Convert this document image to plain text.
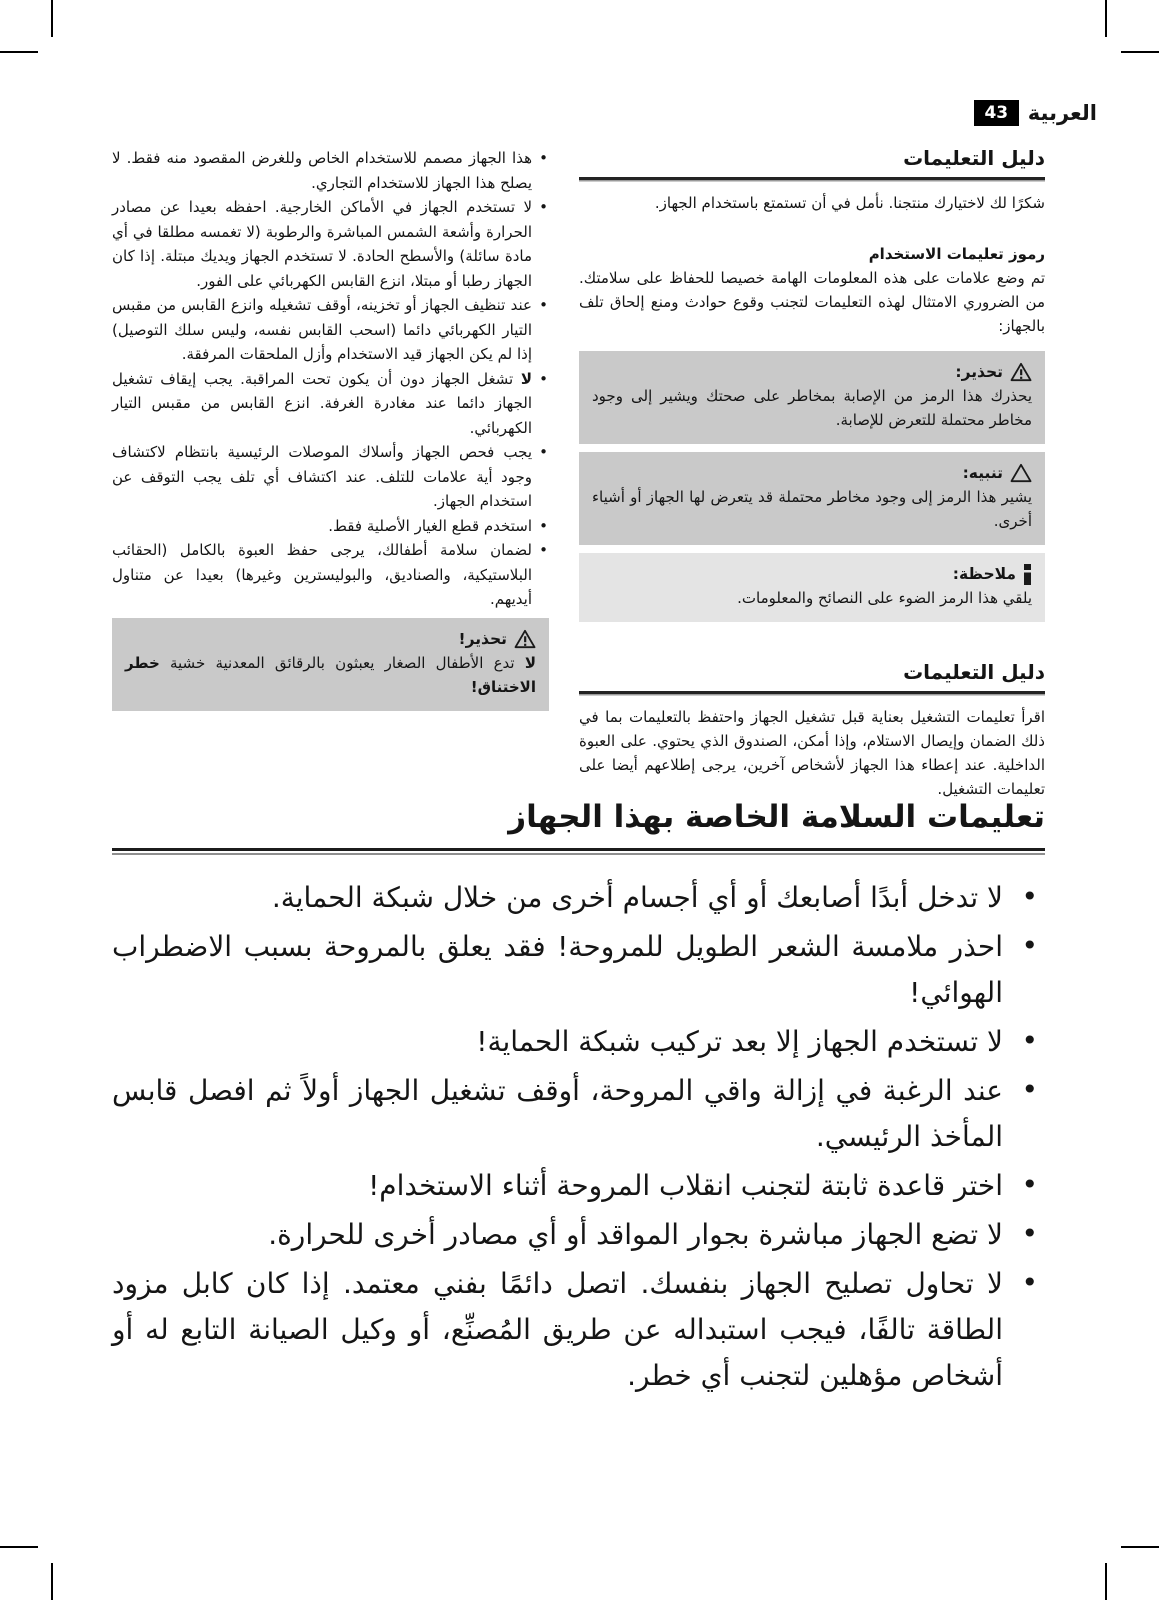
العربية
43
دليل التعليمات

شكرًا لك لاختيارك منتجنا. نأمل في أن تستمتع باستخدام الجهاز.

رموز تعليمات الاستخدام

تم وضع علامات على هذه المعلومات الهامة خصيصا للحفاظ على سلامتك. من الضروري الامتثال لهذه التعليمات لتجنب وقوع حوادث ومنع إلحاق تلف بالجهاز:

تحذير:
يحذرك هذا الرمز من الإصابة بمخاطر على صحتك ويشير إلى وجود مخاطر محتملة للتعرض للإصابة.
تنبيه:
يشير هذا الرمز إلى وجود مخاطر محتملة قد يتعرض لها الجهاز أو أشياء أخرى.
ملاحظة:
يلقي هذا الرمز الضوء على النصائح والمعلومات.
دليل التعليمات

اقرأ تعليمات التشغيل بعناية قبل تشغيل الجهاز واحتفظ بالتعليمات بما في ذلك الضمان وإيصال الاستلام، وإذا أمكن، الصندوق الذي يحتوي. على العبوة الداخلية. عند إعطاء هذا الجهاز لأشخاص آخرين، يرجى إطلاعهم أيضا على تعليمات التشغيل.

• هذا الجهاز مصمم للاستخدام الخاص وللغرض المقصود منه فقط. لا يصلح هذا الجهاز للاستخدام التجاري.
• لا تستخدم الجهاز في الأماكن الخارجية. احفظه بعيدا عن مصادر الحرارة وأشعة الشمس المباشرة والرطوبة (لا تغمسه مطلقا في أي مادة سائلة) والأسطح الحادة. لا تستخدم الجهاز ويديك مبتلة. إذا كان الجهاز رطبا أو مبتلا، انزع القابس الكهربائي على الفور.
• عند تنظيف الجهاز أو تخزينه، أوقف تشغيله وانزع القابس من مقبس التيار الكهربائي دائما (اسحب القابس نفسه، وليس سلك التوصيل) إذا لم يكن الجهاز قيد الاستخدام وأزل الملحقات المرفقة.
• لا تشغل الجهاز دون أن يكون تحت المراقبة. يجب إيقاف تشغيل الجهاز دائما عند مغادرة الغرفة. انزع القابس من مقبس التيار الكهربائي.
• يجب فحص الجهاز وأسلاك الموصلات الرئيسية بانتظام لاكتشاف وجود أية علامات للتلف. عند اكتشاف أي تلف يجب التوقف عن استخدام الجهاز.
• استخدم قطع الغيار الأصلية فقط.
• لضمان سلامة أطفالك، يرجى حفظ العبوة بالكامل (الحقائب البلاستيكية، والصناديق، والبوليسترين وغيرها) بعيدا عن متناول أيديهم.
تحذير!
لا تدع الأطفال الصغار يعبثون بالرقائق المعدنية خشية خطر الاختناق!
تعليمات السلامة الخاصة بهذا الجهاز
• لا تدخل أبدًا أصابعك أو أي أجسام أخرى من خلال شبكة الحماية.
• احذر ملامسة الشعر الطويل للمروحة! فقد يعلق بالمروحة بسبب الاضطراب الهوائي!
• لا تستخدم الجهاز إلا بعد تركيب شبكة الحماية!
• عند الرغبة في إزالة واقي المروحة، أوقف تشغيل الجهاز أولاً ثم افصل قابس المأخذ الرئيسي.
• اختر قاعدة ثابتة لتجنب انقلاب المروحة أثناء الاستخدام!
• لا تضع الجهاز مباشرة بجوار المواقد أو أي مصادر أخرى للحرارة.
• لا تحاول تصليح الجهاز بنفسك. اتصل دائمًا بفني معتمد. إذا كان كابل مزود الطاقة تالفًا، فيجب استبداله عن طريق المُصنِّع، أو وكيل الصيانة التابع له أو أشخاص مؤهلين لتجنب أي خطر.
